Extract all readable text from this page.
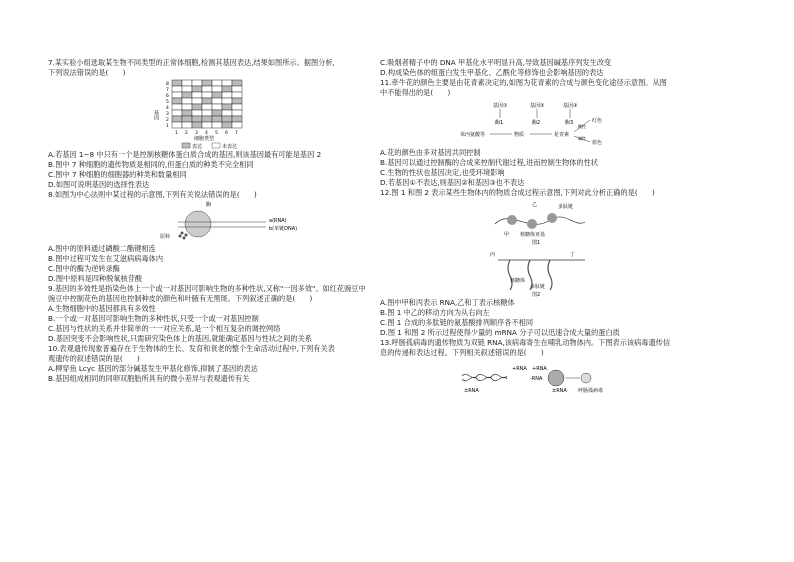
7.某实验小组选取某生物不同类型的正常体细胞,检测其基因表达,结果如图所示。据图分析,

下列说法错误的是(　　)

基因
8
7
6
5
4
3
2
1
1 2 3 4 5 6 7
细胞类型
表达	未表达

A.若基因 1~8 中只有一个是控制核糖体蛋白质合成的基因,则该基因最有可能是基因 2

B.图中 7 种细胞的遗传物质是相同的,但蛋白质的种类不完全相同

C.图中 7 种细胞的细胞器的种类和数量相同

D.如图可说明基因的选择性表达

8.如图为中心法则中某过程的示意图,下列有关说法错误的是(　　)

酶
a(RNA)
b(单链DNA)
原料

A.图中的原料通过磷酸二酯键相连

B.图中过程可发生在艾滋病病毒体内

C.图中的酶为逆转录酶

D.图中原料是四种脱氧核苷酸

9.基因的多效性是指染色体上一个或一对基因可影响生物的多种性状,又称"一因多效"。如红花豌豆中

豌豆中控制花色的基因也控制种皮的颜色和叶腋有无黑斑。下列叙述正确的是(　　)

A.生物细胞中的基因都具有多效性

B.一个或一对基因可影响生物的多种性状,只受一个或一对基因控制

C.基因与性状的关系并非简单的一一对应关系,是一个相互复杂的调控网络

D.基因突变不会影响性状,只需研究染色体上的基因,就能确定基因与性状之间的关系

10.表观遗传现象普遍存在于生物体的生长、发育和衰老的整个生命活动过程中,下列有关表

观遗传的叙述错误的是(　　)

A.柳穿鱼 Lcyc 基因的部分碱基发生甲基化修饰,抑制了基因的表达

B.基因组成相同的同卵双胞胎所具有的微小差异与表观遗传有关

C.吸烟者精子中的 DNA 甲基化水平明显升高,导致基因碱基序列发生改变

D.构成染色体的组蛋白发生甲基化、乙酰化等修饰也会影响基因的表达

11.牵牛花的颜色主要是由花青素决定的,如图为花青素的合成与颜色变化途径示意图。从图

中不能得出的是(　　)

基因①	基因②	基因③
酶1	酶2	酶3
苯丙氨酸等	物质	花青素
红色
蓝色
酸性
碱性

A.花的颜色由多对基因共同控制

B.基因可以通过控制酶的合成来控制代谢过程,进而控制生物体的性状

C.生物的性状也基因决定,也受环境影响

D.若基因①不表达,则基因②和基因③也不表达

12.图 1 和图 2 表示某些生物体内的物质合成过程示意图,下列对此分析正确的是(　　)

乙	多肽链
甲 核糖体亚基
图1
丙	丁
核糖体
多肽链
图2

A.图中甲和丙表示 RNA,乙和丁表示核糖体

B.图 1 中乙的移动方向为从右向左

C.图 1 合成的多肽链的氨基酸排列顺序各不相同

D.图 1 和图 2 所示过程使得少量的 mRNA 分子可以迅速合成大量的蛋白质

13.呼肠孤病毒的遗传物质为双链 RNA,该病毒寄生在哺乳动物体内。下图表示该病毒遗传信

息的传递和表达过程。下列相关叙述错误的是(　　)

±RNA
+RNA
-RNA
+RNA
±RNA 呼肠孤病毒
